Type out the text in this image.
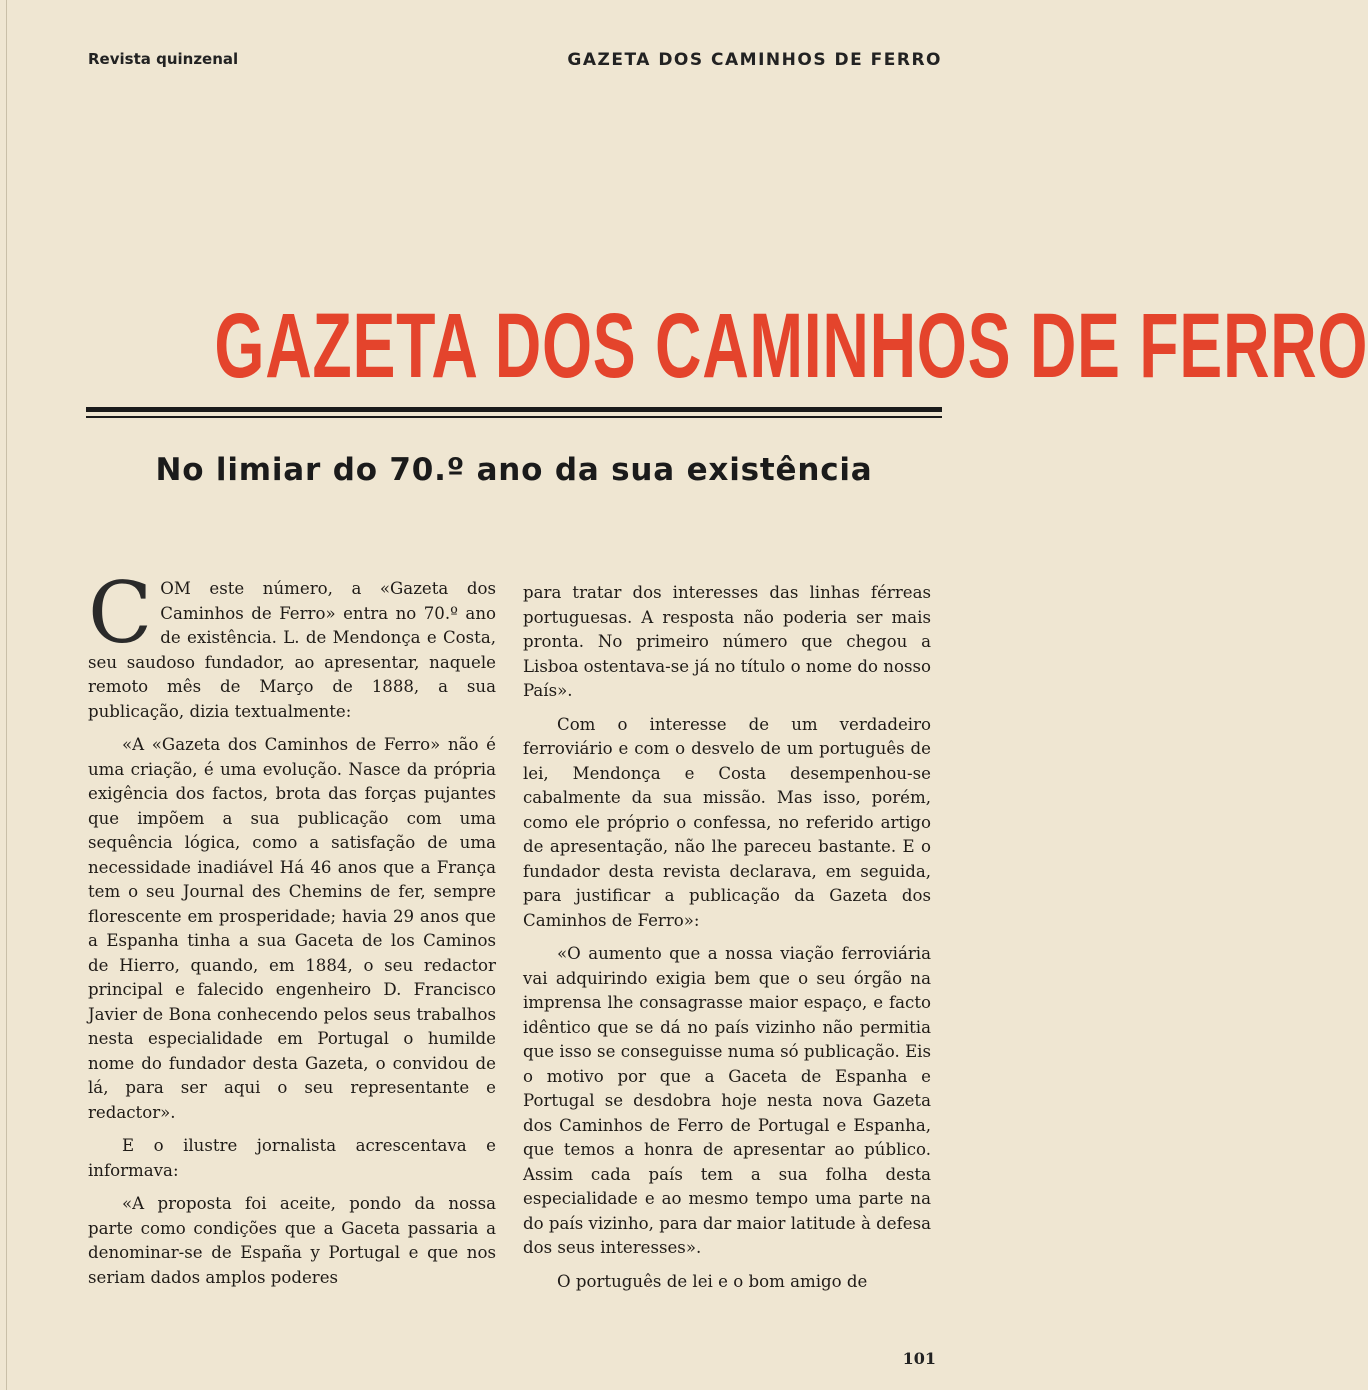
Revista quinzenal	GAZETA DOS CAMINHOS DE FERRO
GAZETA DOS CAMINHOS DE FERRO
No limiar do 70.º ano da sua existência

COM este número, a «Gazeta dos Caminhos de Ferro» entra no 70.º ano de existência. L. de Mendonça e Costa, seu saudoso fundador, ao apresentar, naquele remoto mês de Março de 1888, a sua publicação, dizia textualmente:

«A «Gazeta dos Caminhos de Ferro» não é uma criação, é uma evolução. Nasce da própria exigência dos factos, brota das forças pujantes que impõem a sua publicação com uma sequência lógica, como a satisfação de uma necessidade inadiável Há 46 anos que a França tem o seu Journal des Chemins de fer, sempre florescente em prosperidade; havia 29 anos que a Espanha tinha a sua Gaceta de los Caminos de Hierro, quando, em 1884, o seu redactor principal e falecido engenheiro D. Francisco Javier de Bona conhecendo pelos seus trabalhos nesta especialidade em Portugal o humilde nome do fundador desta Gazeta, o convidou de lá, para ser aqui o seu representante e redactor».

E o ilustre jornalista acrescentava e informava:

«A proposta foi aceite, pondo da nossa parte como condições que a Gaceta passaria a denominar-se de España y Portugal e que nos seriam dados amplos poderes

para tratar dos interesses das linhas férreas portuguesas. A resposta não poderia ser mais pronta. No primeiro número que chegou a Lisboa ostentava-se já no título o nome do nosso País».

Com o interesse de um verdadeiro ferroviário e com o desvelo de um português de lei, Mendonça e Costa desempenhou-se cabalmente da sua missão. Mas isso, porém, como ele próprio o confessa, no referido artigo de apresentação, não lhe pareceu bastante. E o fundador desta revista declarava, em seguida, para justificar a publicação da Gazeta dos Caminhos de Ferro»:

«O aumento que a nossa viação ferroviária vai adquirindo exigia bem que o seu órgão na imprensa lhe consagrasse maior espaço, e facto idêntico que se dá no país vizinho não permitia que isso se conseguisse numa só publicação. Eis o motivo por que a Gaceta de Espanha e Portugal se desdobra hoje nesta nova Gazeta dos Caminhos de Ferro de Portugal e Espanha, que temos a honra de apresentar ao público. Assim cada país tem a sua folha desta especialidade e ao mesmo tempo uma parte na do país vizinho, para dar maior latitude à defesa dos seus interesses».

O português de lei e o bom amigo de

101
